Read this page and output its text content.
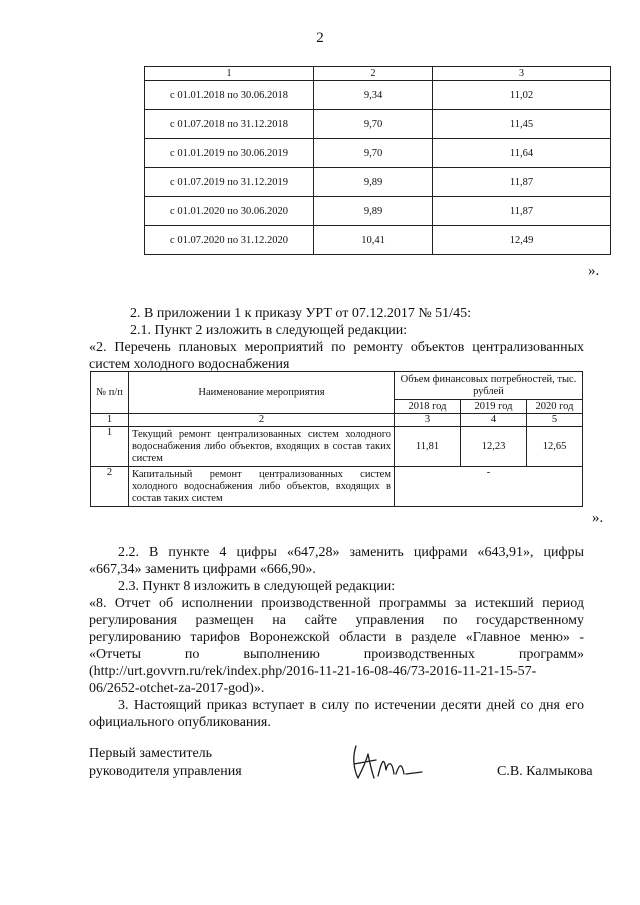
2
1	2	3
с 01.01.2018 по 30.06.2018	9,34	11,02
с 01.07.2018 по 31.12.2018	9,70	11,45
с 01.01.2019 по 30.06.2019	9,70	11,64
с 01.07.2019 по 31.12.2019	9,89	11,87
с 01.01.2020 по 30.06.2020	9,89	11,87
с 01.07.2020 по 31.12.2020	10,41	12,49
».
2. В приложении 1 к приказу УРТ от 07.12.2017 № 51/45:
2.1. Пункт 2 изложить в следующей редакции:
«2. Перечень плановых мероприятий по ремонту объектов централизованных
систем холодного водоснабжения
№ п/п	Наименование мероприятия	Объем финансовых потребностей, тыс. рублей		
		2018 год	2019 год	2020 год
1	2	3	4	5
1	Текущий ремонт централизованных систем холодного водоснабжения либо объектов, входящих в состав таких систем	11,81	12,23	12,65
2	Капитальный ремонт централизованных систем холодного водоснабжения либо объектов, входящих в состав таких систем	-		
».
2.2. В пункте 4 цифры «647,28» заменить цифрами «643,91», цифры
«667,34» заменить цифрами «666,90».
2.3. Пункт 8 изложить в следующей редакции:
«8. Отчет об исполнении производственной программы за истекший период
регулирования размещен на сайте управления по государственному
регулированию тарифов Воронежской области в разделе «Главное меню» -
«Отчеты по выполнению производственных программ»
(http://urt.govvrn.ru/rek/index.php/2016-11-21-16-08-46/73-2016-11-21-15-57-
06/2652-otchet-za-2017-god)».
3. Настоящий приказ вступает в силу по истечении десяти дней со дня его
официального опубликования.
Первый заместитель
руководителя управления	С.В. Калмыкова
